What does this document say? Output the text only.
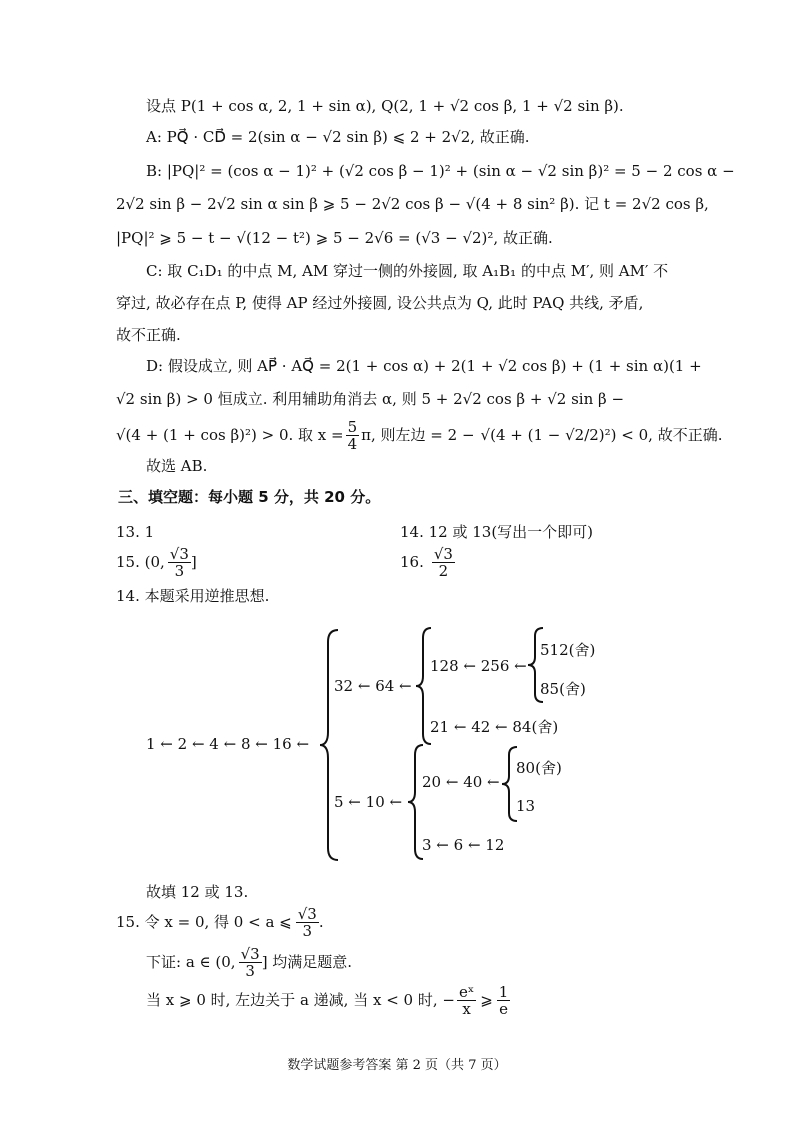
设点 P(1 + cos α, 2, 1 + sin α), Q(2, 1 + √2 cos β, 1 + √2 sin β).
A: PQ⃗ · CD⃗ = 2(sin α − √2 sin β) ⩽ 2 + 2√2, 故正确.
B: |PQ|² = (cos α − 1)² + (√2 cos β − 1)² + (sin α − √2 sin β)² = 5 − 2 cos α −
2√2 sin β − 2√2 sin α sin β ⩾ 5 − 2√2 cos β − √(4 + 8 sin² β). 记 t = 2√2 cos β,
|PQ|² ⩾ 5 − t − √(12 − t²) ⩾ 5 − 2√6 = (√3 − √2)², 故正确.
C: 取 C₁D₁ 的中点 M, AM 穿过一侧的外接圆, 取 A₁B₁ 的中点 M′, 则 AM′ 不
穿过, 故必存在点 P, 使得 AP 经过外接圆, 设公共点为 Q, 此时 PAQ 共线, 矛盾,
故不正确.
D: 假设成立, 则 AP⃗ · AQ⃗ = 2(1 + cos α) + 2(1 + √2 cos β) + (1 + sin α)(1 +
√2 sin β) > 0 恒成立. 利用辅助角消去 α, 则 5 + 2√2 cos β + √2 sin β −
√(4 + (1 + cos β)²) > 0. 取 $x = \frac{5}{4} \pi$, 则左边 = 2 − √(4 + (1 − √2/2)²) < 0, 故不正确.
故选 AB.
三、填空题：每小题 5 分，共 20 分。
13. 1	14. 12 或 13(写出一个即可)
15. (0, $\frac{√3}{3}$ ]	16. $\frac{√3}{2}$
14. 本题采用逆推思想.
1 ← 2 ← 4 ← 8 ← 16 ←
32 ← 64 ←
128 ← 256 ←
512(舍)
85(舍)
21 ← 42 ← 84(舍)
5 ← 10 ←
20 ← 40 ←
80(舍)
13
3 ← 6 ← 12
故填 12 或 13.
15. 令 x = 0, 得 0 < a ⩽ $\frac{√3}{3}$ .
下证: a ∈ (0, $\frac{√3}{3}$ ] 均满足题意.
当 x ⩾ 0 时, 左边关于 a 递减, 当 x < 0 时, − $\frac{\text{eˣ}}{x}$ ⩾ $\frac{1}{e}$
数学试题参考答案 第 2 页（共 7 页）
